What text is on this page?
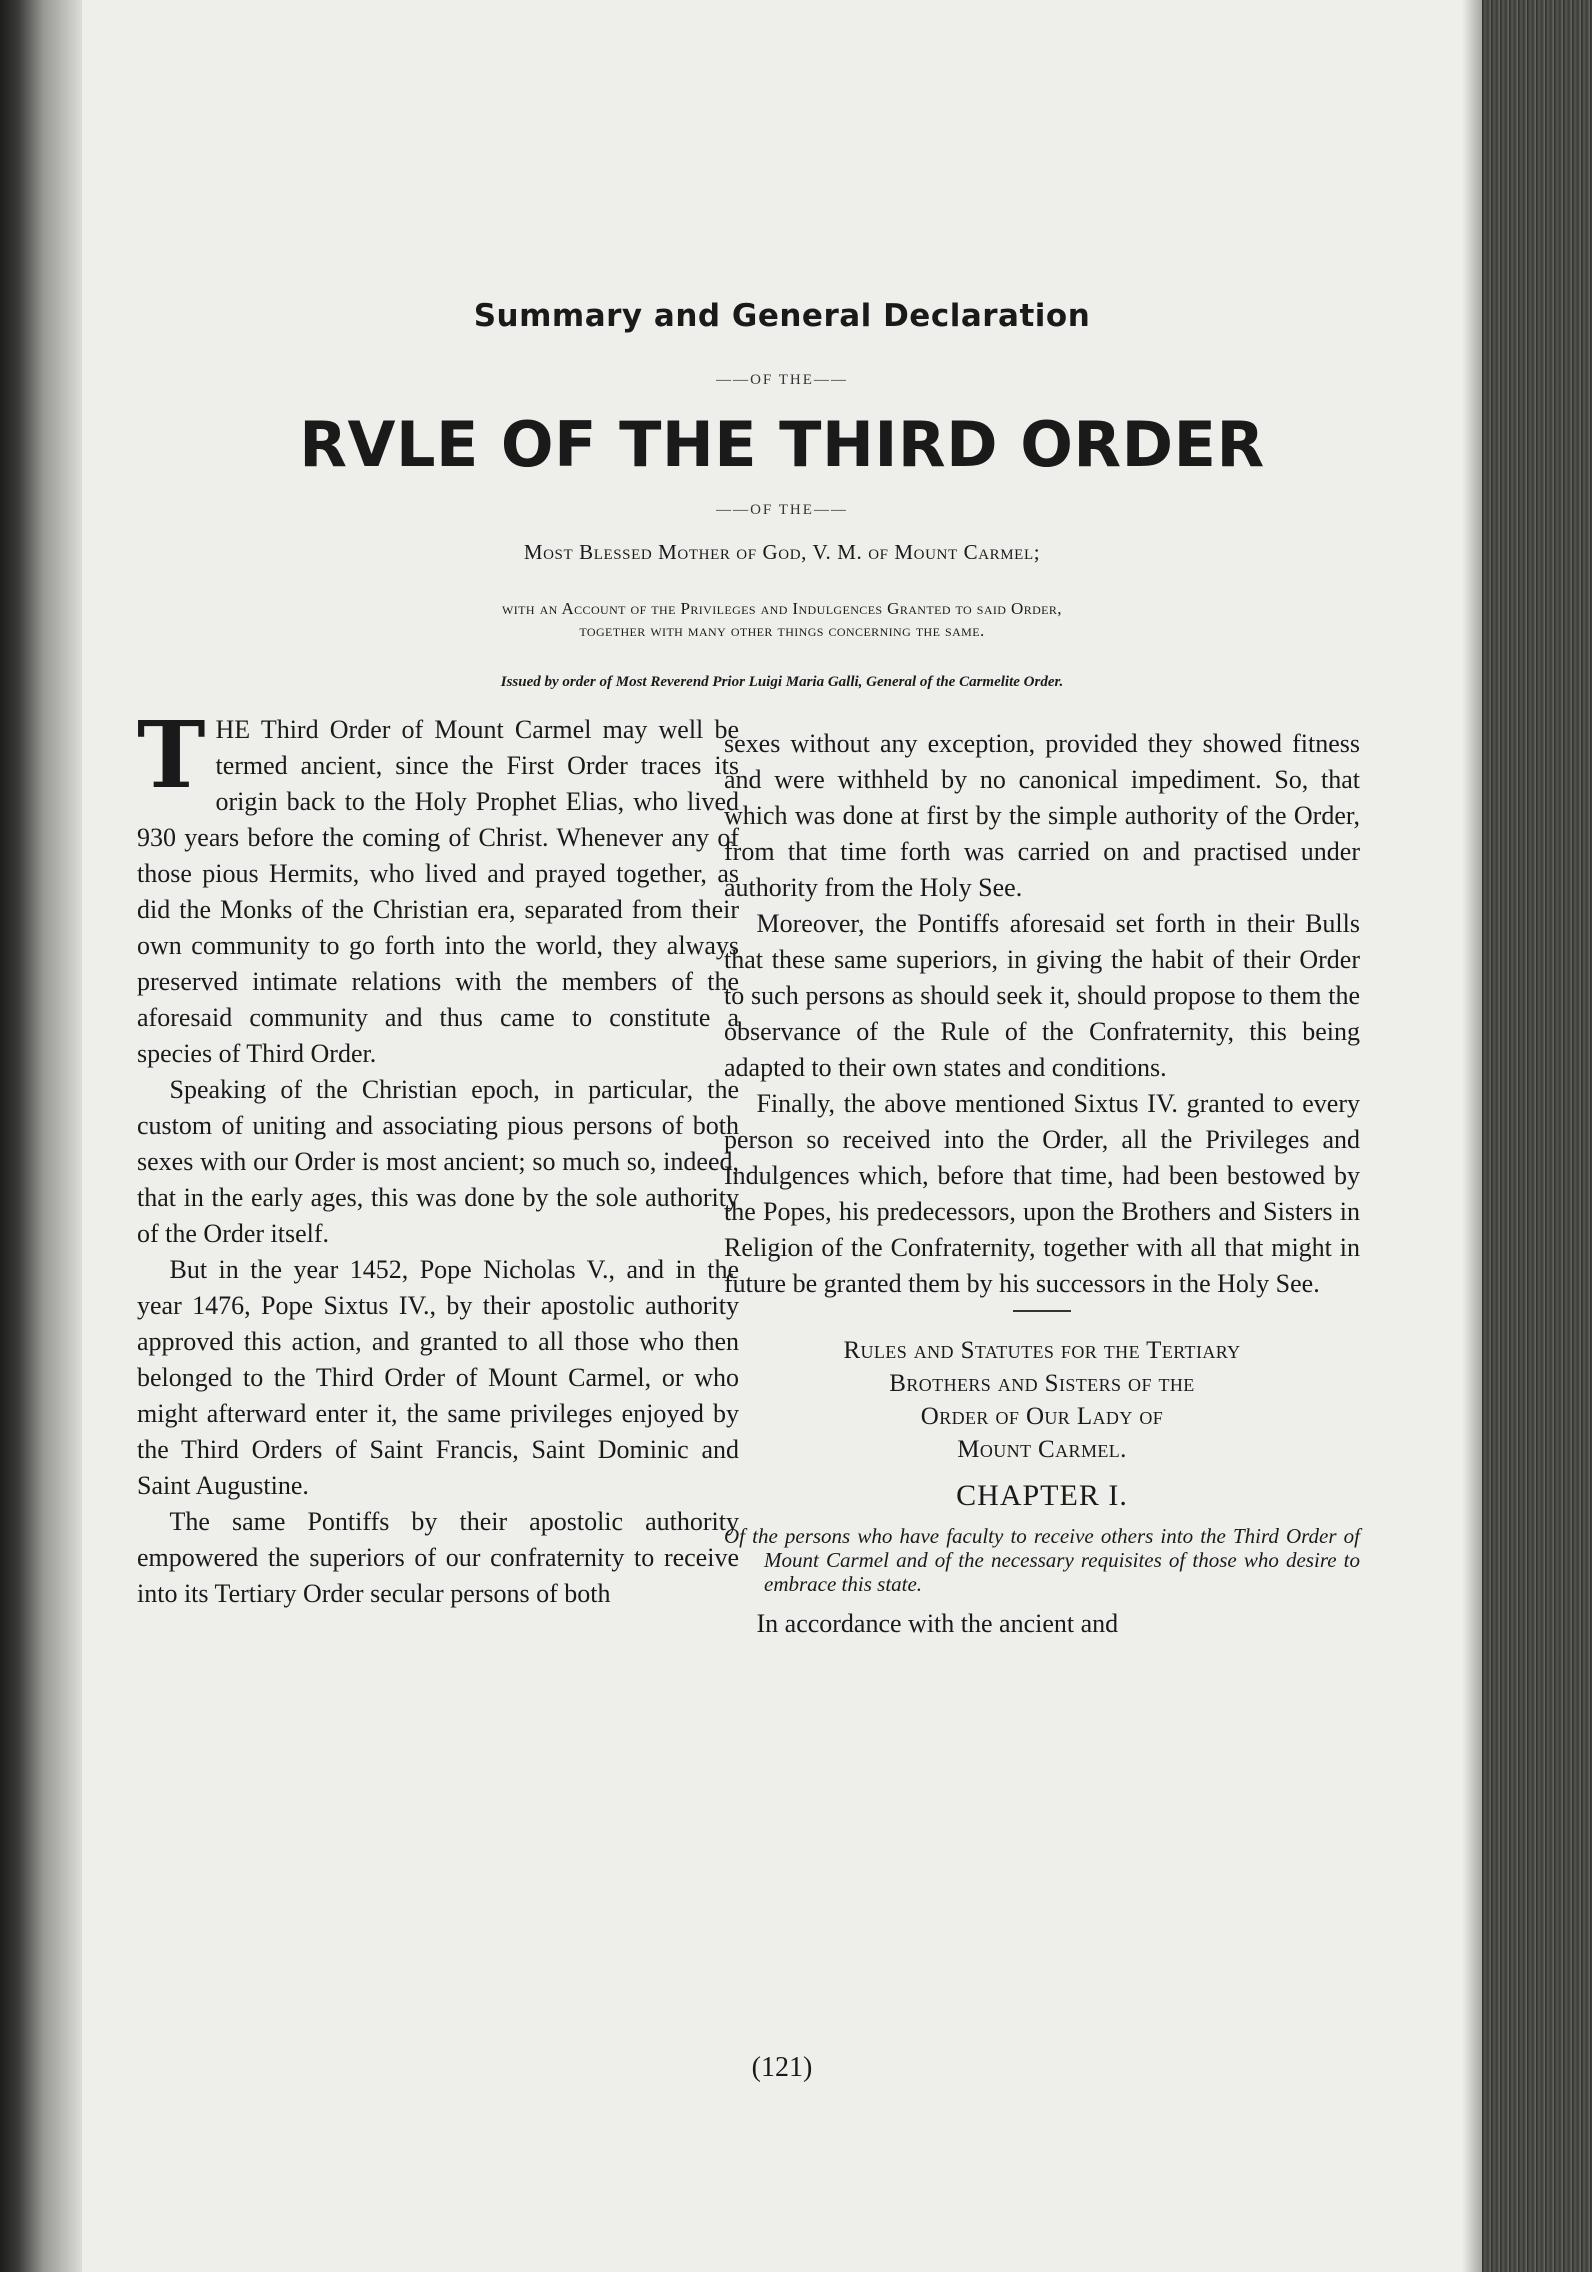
Summary and General Declaration
——OF THE——
RVLE OF THE THIRD ORDER
——OF THE——
Most Blessed Mother of God, V. M. of Mount Carmel;
with an Account of the Privileges and Indulgences Granted to said Order,
together with many other things concerning the same.
Issued by order of Most Reverend Prior Luigi Maria Galli, General of the Carmelite Order.

THE Third Order of Mount Carmel may well be termed ancient, since the First Order traces its origin back to the Holy Prophet Elias, who lived 930 years before the coming of Christ. Whenever any of those pious Hermits, who lived and prayed together, as did the Monks of the Christian era, separated from their own community to go forth into the world, they always preserved intimate relations with the members of the aforesaid community and thus came to constitute a species of Third Order.

Speaking of the Christian epoch, in particular, the custom of uniting and associating pious persons of both sexes with our Order is most ancient; so much so, indeed, that in the early ages, this was done by the sole authority of the Order itself.

But in the year 1452, Pope Nicholas V., and in the year 1476, Pope Sixtus IV., by their apostolic authority approved this action, and granted to all those who then belonged to the Third Order of Mount Carmel, or who might afterward enter it, the same privileges enjoyed by the Third Orders of Saint Francis, Saint Dominic and Saint Augustine.

The same Pontiffs by their apostolic authority empowered the superiors of our confraternity to receive into its Tertiary Order secular persons of both

sexes without any exception, provided they showed fitness and were withheld by no canonical impediment. So, that which was done at first by the simple authority of the Order, from that time forth was carried on and practised under authority from the Holy See.

Moreover, the Pontiffs aforesaid set forth in their Bulls that these same superiors, in giving the habit of their Order to such persons as should seek it, should propose to them the observance of the Rule of the Confraternity, this being adapted to their own states and conditions.

Finally, the above mentioned Sixtus IV. granted to every person so received into the Order, all the Privileges and Indulgences which, before that time, had been bestowed by the Popes, his predecessors, upon the Brothers and Sisters in Religion of the Confraternity, together with all that might in future be granted them by his successors in the Holy See.

Rules and Statutes for the Tertiary
Brothers and Sisters of the
Order of Our Lady of
Mount Carmel.
CHAPTER I.
Of the persons who have faculty to receive others into the Third Order of Mount Carmel and of the necessary requisites of those who desire to embrace this state.

In accordance with the ancient and

(121)
